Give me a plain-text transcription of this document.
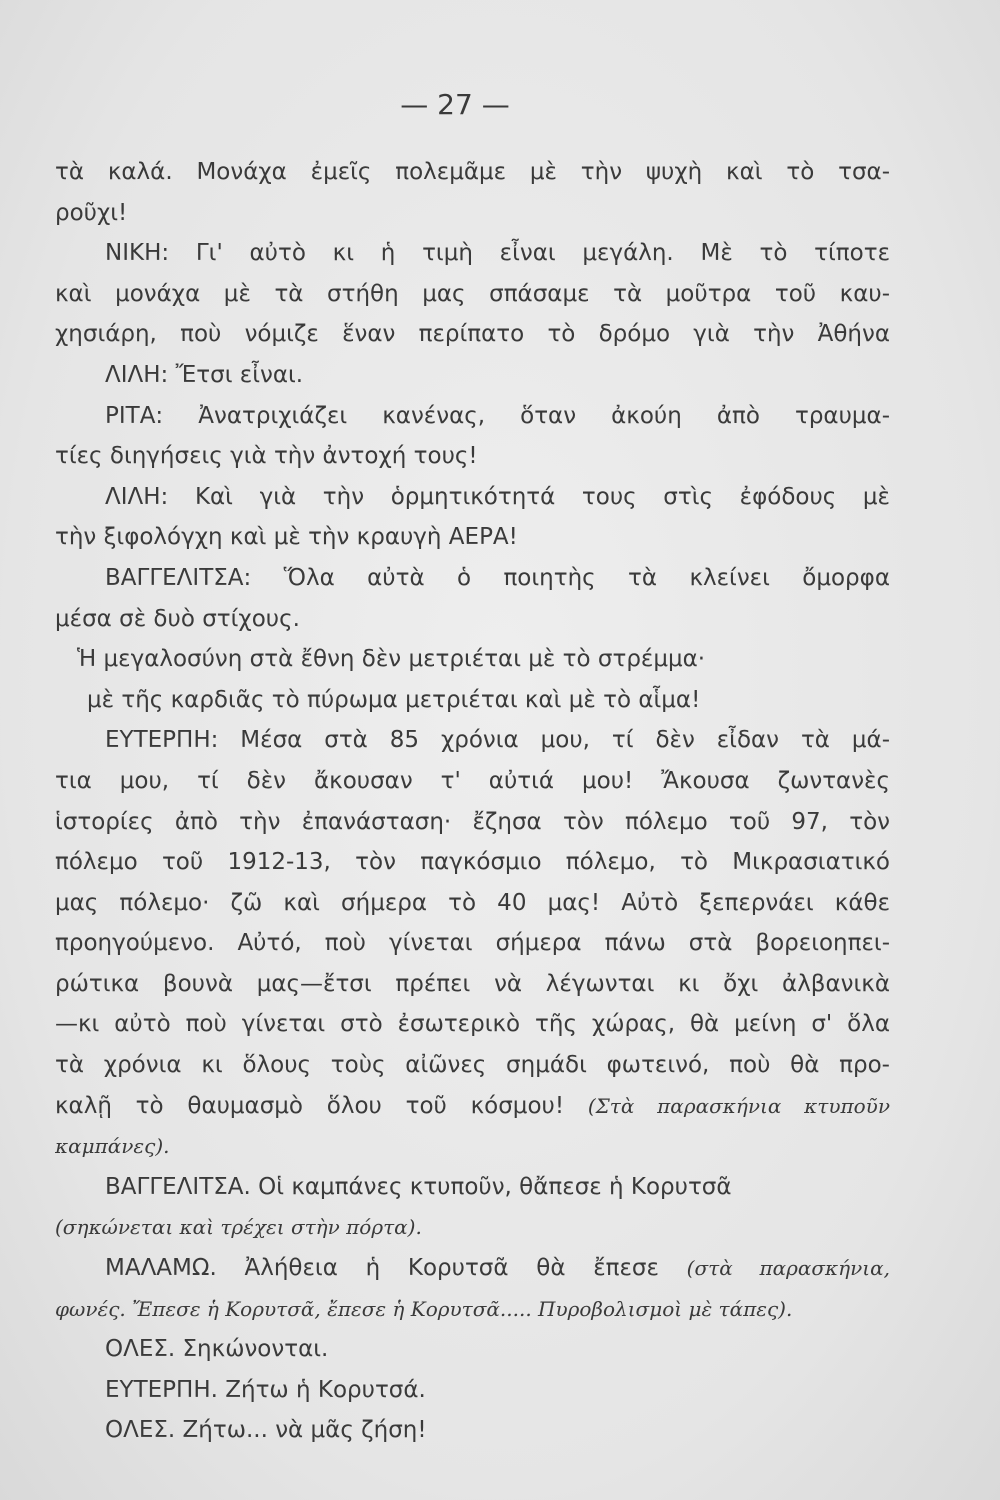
— 27 —
τὰ καλά. Μονάχα ἐμεῖς πολεμᾶμε μὲ τὴν ψυχὴ καὶ τὸ τσα-
ροῦχι!
ΝΙΚΗ: Γι' αὐτὸ κι ἡ τιμὴ εἶναι μεγάλη. Μὲ τὸ τίποτε
καὶ μονάχα μὲ τὰ στήθη μας σπάσαμε τὰ μοῦτρα τοῦ καυ-
χησιάρη, ποὺ νόμιζε ἕναν περίπατο τὸ δρόμο γιὰ τὴν Ἀθήνα
ΛΙΛΗ: Ἔτσι εἶναι.
ΡΙΤΑ: Ἀνατριχιάζει κανένας, ὅταν ἀκούη ἀπὸ τραυμα-
τίες διηγήσεις γιὰ τὴν ἀντοχή τους!
ΛΙΛΗ: Καὶ γιὰ τὴν ὁρμητικότητά τους στὶς ἐφόδους μὲ
τὴν ξιφολόγχη καὶ μὲ τὴν κραυγὴ ΑΕΡΑ!
ΒΑΓΓΕΛΙΤΣΑ: Ὅλα αὐτὰ ὁ ποιητὴς τὰ κλείνει ὄμορφα
μέσα σὲ δυὸ στίχους.
Ἡ μεγαλοσύνη στὰ ἔθνη δὲν μετριέται μὲ τὸ στρέμμα·
μὲ τῆς καρδιᾶς τὸ πύρωμα μετριέται καὶ μὲ τὸ αἷμα!
ΕΥΤΕΡΠΗ: Μέσα στὰ 85 χρόνια μου, τί δὲν εἶδαν τὰ μά-
τια μου, τί δὲν ἄκουσαν τ' αὐτιά μου! Ἄκουσα ζωντανὲς
ἱστορίες ἀπὸ τὴν ἐπανάσταση· ἔζησα τὸν πόλεμο τοῦ 97, τὸν
πόλεμο τοῦ 1912-13, τὸν παγκόσμιο πόλεμο, τὸ Μικρασιατικό
μας πόλεμο· ζῶ καὶ σήμερα τὸ 40 μας! Αὐτὸ ξεπερνάει κάθε
προηγούμενο. Αὐτό, ποὺ γίνεται σήμερα πάνω στὰ βορειοηπει-
ρώτικα βουνὰ μας—ἔτσι πρέπει νὰ λέγωνται κι ὄχι ἀλβανικὰ
—κι αὐτὸ ποὺ γίνεται στὸ ἐσωτερικὸ τῆς χώρας, θὰ μείνη σ' ὅλα
τὰ χρόνια κι ὅλους τοὺς αἰῶνες σημάδι φωτεινό, ποὺ θὰ προ-
καλῇ τὸ θαυμασμὸ ὅλου τοῦ κόσμου! (Στὰ παρασκήνια κτυποῦν
καμπάνες).
ΒΑΓΓΕΛΙΤΣΑ. Οἱ καμπάνες κτυποῦν, θἄπεσε ἡ Κορυτσᾶ
(σηκώνεται καὶ τρέχει στὴν πόρτα).
ΜΑΛΑΜΩ. Ἀλήθεια ἡ Κορυτσᾶ θὰ ἔπεσε (στὰ παρασκήνια,
φωνές. Ἔπεσε ἡ Κορυτσᾶ, ἔπεσε ἡ Κορυτσᾶ..... Πυροβολισμοὶ μὲ τάπες).
ΟΛΕΣ. Σηκώνονται.
ΕΥΤΕΡΠΗ. Ζήτω ἡ Κορυτσά.
ΟΛΕΣ. Ζήτω... νὰ μᾶς ζήση!
